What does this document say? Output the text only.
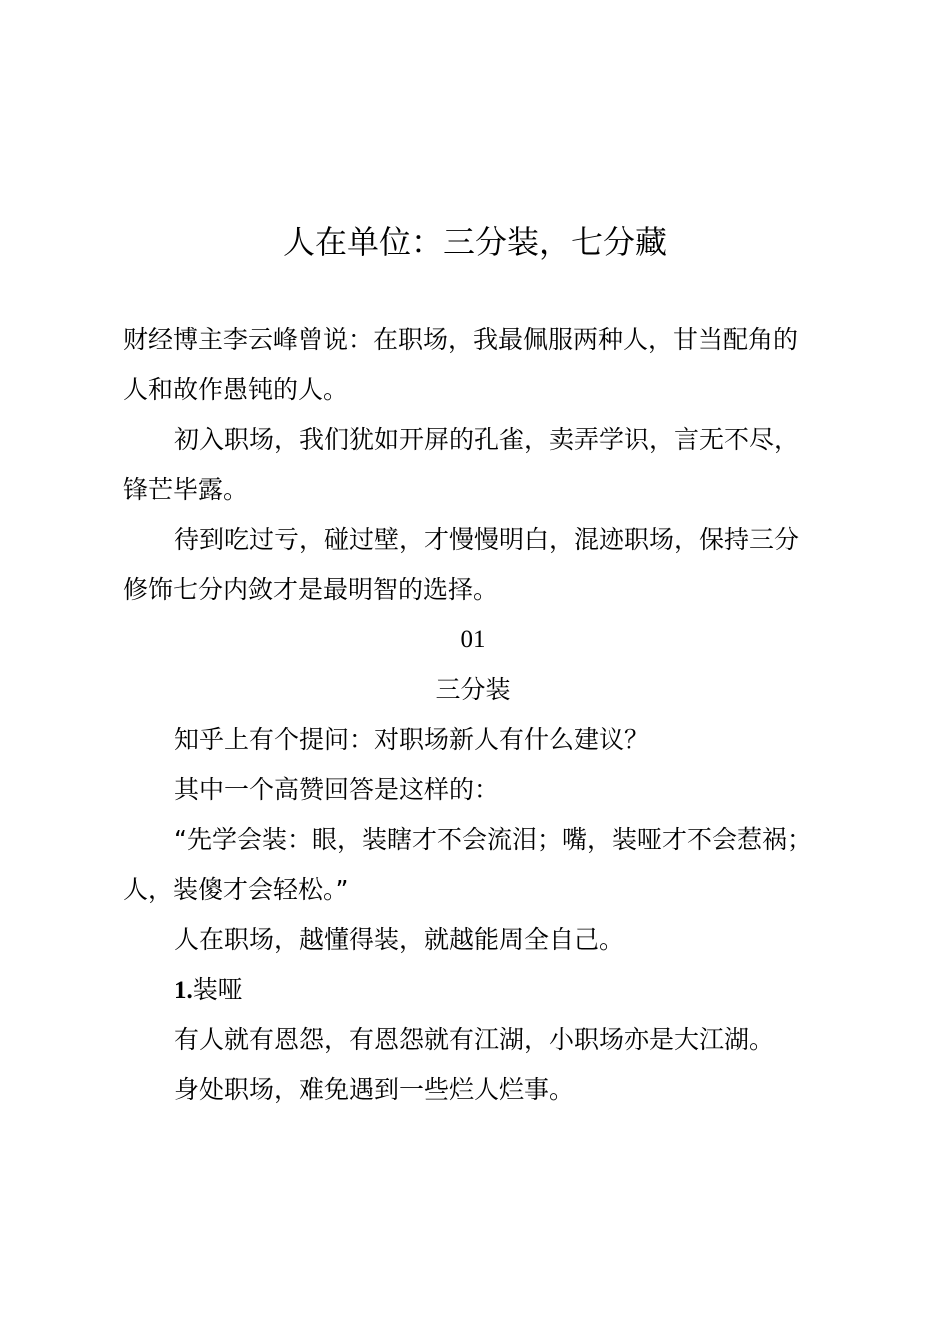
人在单位：三分装，七分藏
财经博主李云峰曾说：在职场，我最佩服两种人，甘当配角的
人和故作愚钝的人。
初入职场，我们犹如开屏的孔雀，卖弄学识，言无不尽，
锋芒毕露。
待到吃过亏，碰过壁，才慢慢明白，混迹职场，保持三分
修饰七分内敛才是最明智的选择。
01
三分装
知乎上有个提问：对职场新人有什么建议？
其中一个高赞回答是这样的：
“先学会装：眼，装瞎才不会流泪；嘴，装哑才不会惹祸；
人，装傻才会轻松。”
人在职场，越懂得装，就越能周全自己。
1.装哑
有人就有恩怨，有恩怨就有江湖，小职场亦是大江湖。
身处职场，难免遇到一些烂人烂事。
